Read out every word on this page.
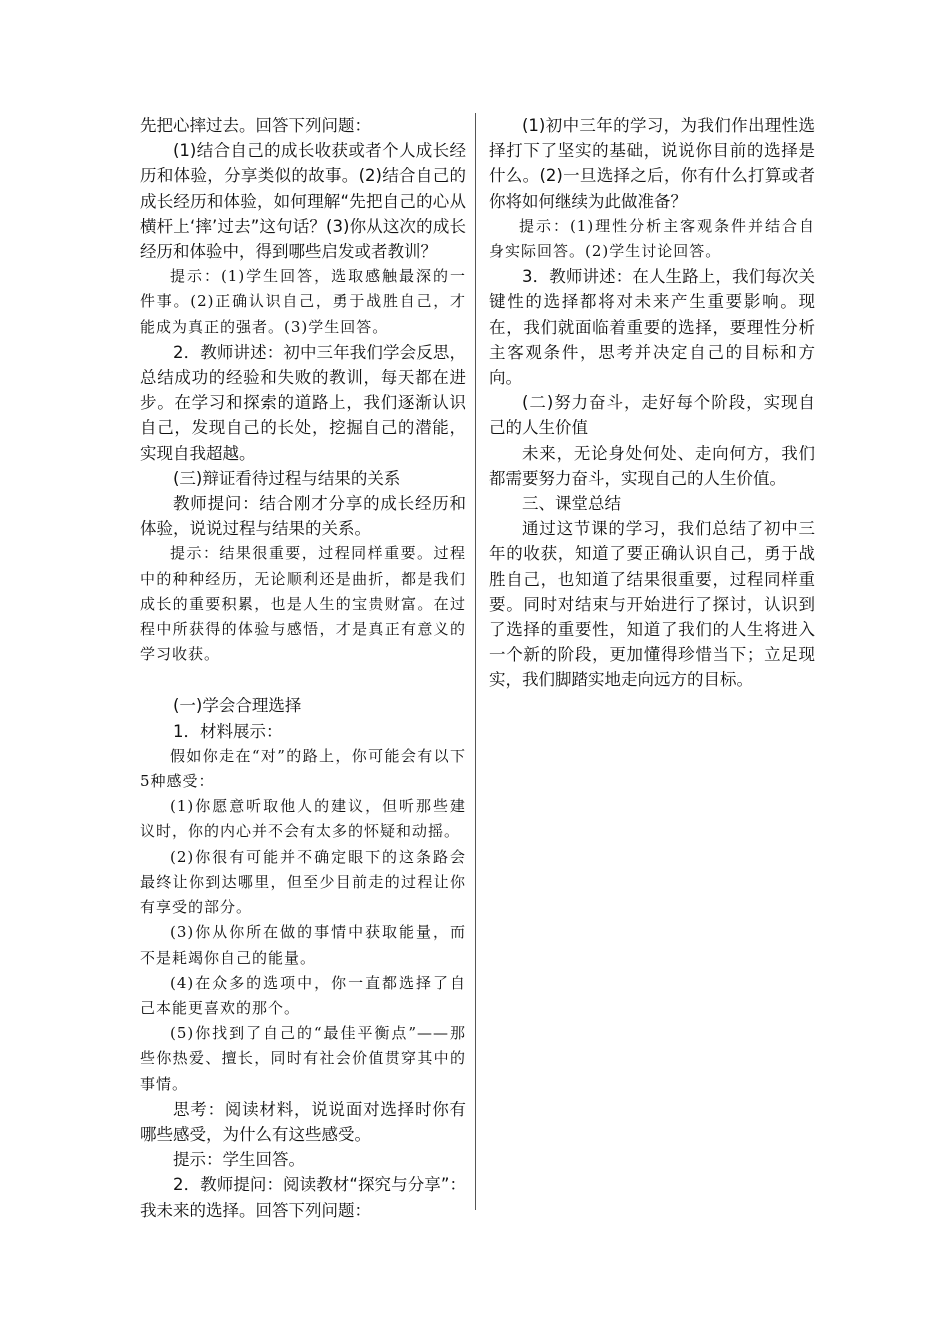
先把心摔过去。回答下列问题：

(1)结合自己的成长收获或者个人成长经历和体验，分享类似的故事。(2)结合自己的成长经历和体验，如何理解“先把自己的心从横杆上‘摔’过去”这句话？(3)你从这次的成长经历和体验中，得到哪些启发或者教训？

提示：(1)学生回答，选取感触最深的一件事。(2)正确认识自己，勇于战胜自己，才能成为真正的强者。(3)学生回答。

2．教师讲述：初中三年我们学会反思，总结成功的经验和失败的教训，每天都在进步。在学习和探索的道路上，我们逐渐认识自己，发现自己的长处，挖掘自己的潜能，实现自我超越。

(三)辩证看待过程与结果的关系

教师提问：结合刚才分享的成长经历和体验，说说过程与结果的关系。

提示：结果很重要，过程同样重要。过程中的种种经历，无论顺利还是曲折，都是我们成长的重要积累，也是人生的宝贵财富。在过程中所获得的体验与感悟，才是真正有意义的学习收获。

(一)学会合理选择

1．材料展示：

假如你走在“对”的路上，你可能会有以下5种感受：

(1)你愿意听取他人的建议，但听那些建议时，你的内心并不会有太多的怀疑和动摇。

(2)你很有可能并不确定眼下的这条路会最终让你到达哪里，但至少目前走的过程让你有享受的部分。

(3)你从你所在做的事情中获取能量，而不是耗竭你自己的能量。

(4)在众多的选项中，你一直都选择了自己本能更喜欢的那个。

(5)你找到了自己的“最佳平衡点”——那些你热爱、擅长，同时有社会价值贯穿其中的事情。

思考：阅读材料，说说面对选择时你有哪些感受，为什么有这些感受。

提示：学生回答。

2．教师提问：阅读教材“探究与分享”：我未来的选择。回答下列问题：

(1)初中三年的学习，为我们作出理性选择打下了坚实的基础，说说你目前的选择是什么。(2)一旦选择之后，你有什么打算或者你将如何继续为此做准备？

提示：(1)理性分析主客观条件并结合自身实际回答。(2)学生讨论回答。

3．教师讲述：在人生路上，我们每次关键性的选择都将对未来产生重要影响。现在，我们就面临着重要的选择，要理性分析主客观条件，思考并决定自己的目标和方向。

(二)努力奋斗，走好每个阶段，实现自己的人生价值

未来，无论身处何处、走向何方，我们都需要努力奋斗，实现自己的人生价值。

三、课堂总结

通过这节课的学习，我们总结了初中三年的收获，知道了要正确认识自己，勇于战胜自己，也知道了结果很重要，过程同样重要。同时对结束与开始进行了探讨，认识到了选择的重要性，知道了我们的人生将进入一个新的阶段，更加懂得珍惜当下；立足现实，我们脚踏实地走向远方的目标。
